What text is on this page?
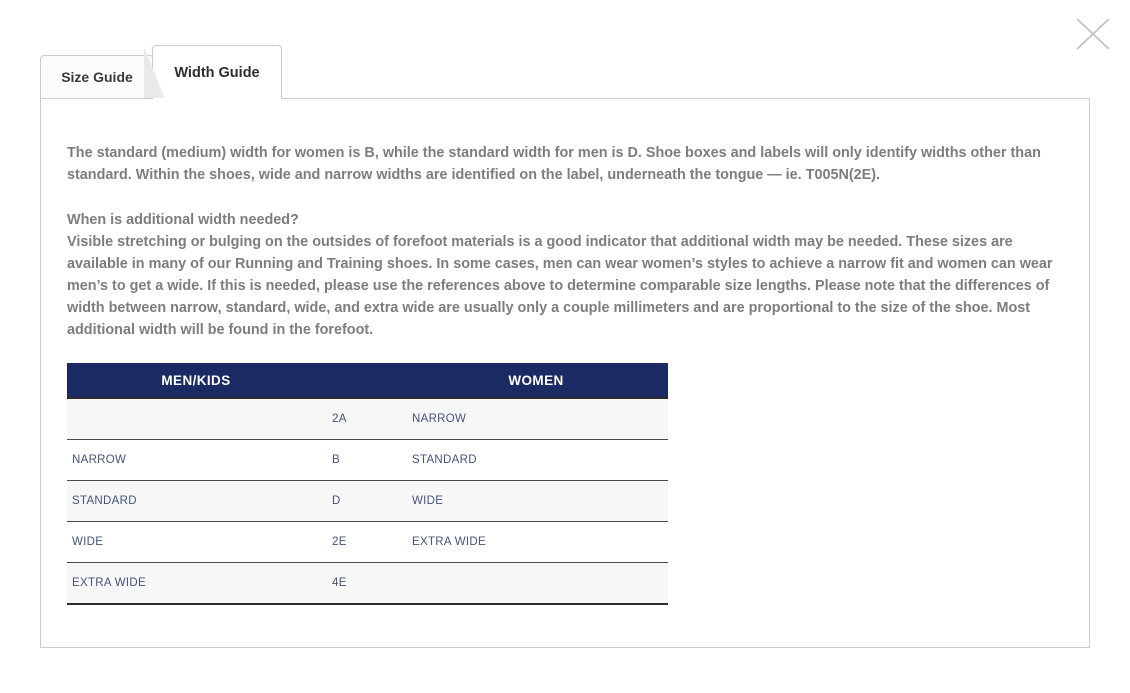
Size Guide	Width Guide
The standard (medium) width for women is B, while the standard width for men is D. Shoe boxes and labels will only identify widths other than standard. Within the shoes, wide and narrow widths are identified on the label, underneath the tongue — ie. T005N(2E).
When is additional width needed?
Visible stretching or bulging on the outsides of forefoot materials is a good indicator that additional width may be needed. These sizes are available in many of our Running and Training shoes. In some cases, men can wear women’s styles to achieve a narrow fit and women can wear men’s to get a wide. If this is needed, please use the references above to determine comparable size lengths. Please note that the differences of width between narrow, standard, wide, and extra wide are usually only a couple millimeters and are proportional to the size of the shoe. Most additional width will be found in the forefoot.
MEN/KIDS		WOMEN
	2A	NARROW
NARROW	B	STANDARD
STANDARD	D	WIDE
WIDE	2E	EXTRA WIDE
EXTRA WIDE	4E	
